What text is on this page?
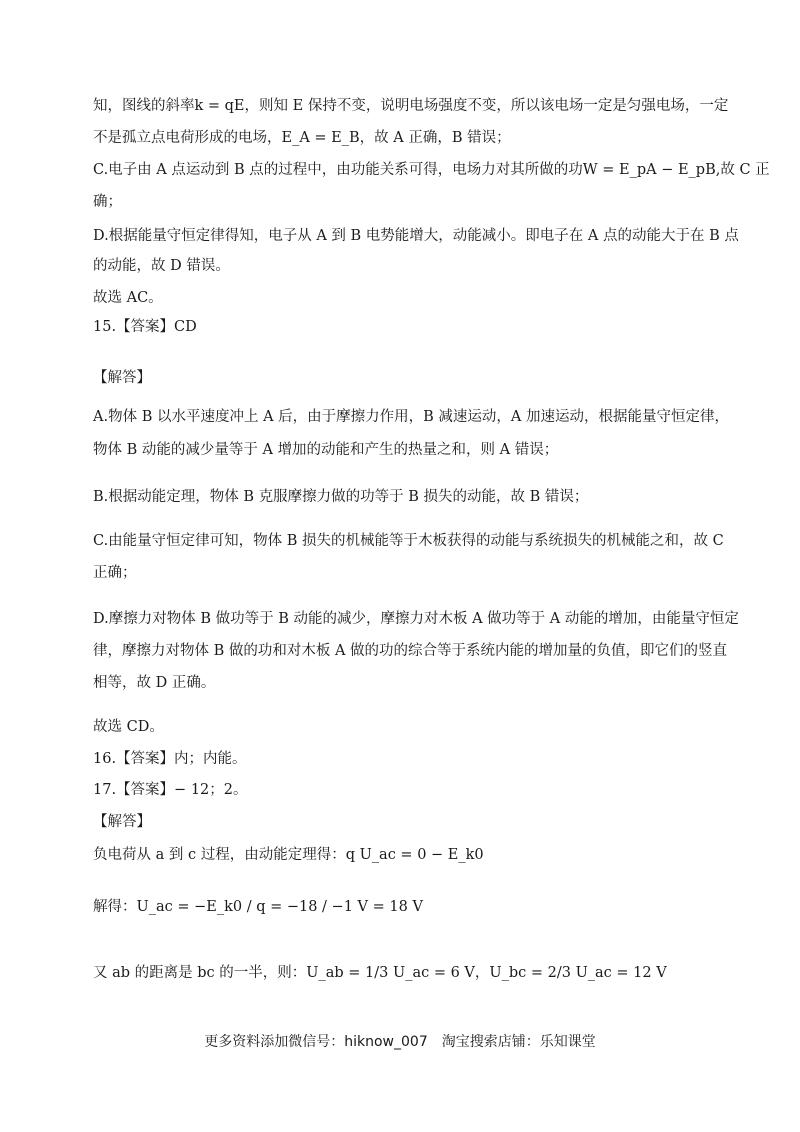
知，图线的斜率k = qE，则知 E 保持不变，说明电场强度不变，所以该电场一定是匀强电场，一定
不是孤立点电荷形成的电场，E_A = E_B，故 A 正确，B 错误；
C.电子由 A 点运动到 B 点的过程中，由功能关系可得，电场力对其所做的功W = E_pA − E_pB,故 C 正
确；
D.根据能量守恒定律得知，电子从 A 到 B 电势能增大，动能减小。即电子在 A 点的动能大于在 B 点
的动能，故 D 错误。
故选 AC。
15.【答案】CD
【解答】
A.物体 B 以水平速度冲上 A 后，由于摩擦力作用，B 减速运动，A 加速运动，根据能量守恒定律，
物体 B 动能的减少量等于 A 增加的动能和产生的热量之和，则 A 错误；
B.根据动能定理，物体 B 克服摩擦力做的功等于 B 损失的动能，故 B 错误；
C.由能量守恒定律可知，物体 B 损失的机械能等于木板获得的动能与系统损失的机械能之和，故 C
正确；
D.摩擦力对物体 B 做功等于 B 动能的减少，摩擦力对木板 A 做功等于 A 动能的增加，由能量守恒定
律，摩擦力对物体 B 做的功和对木板 A 做的功的综合等于系统内能的增加量的负值，即它们的竖直
相等，故 D 正确。
故选 CD。
16.【答案】内；内能。
17.【答案】− 12；2。
【解答】
负电荷从 a 到 c 过程，由动能定理得：q U_ac = 0 − E_k0
解得：U_ac = −E_k0 / q = −18 / −1 V = 18 V
又 ab 的距离是 bc 的一半，则：U_ab = 1/3 U_ac = 6 V，U_bc = 2/3 U_ac = 12 V
更多资料添加微信号：hiknow_007　淘宝搜索店铺：乐知课堂
